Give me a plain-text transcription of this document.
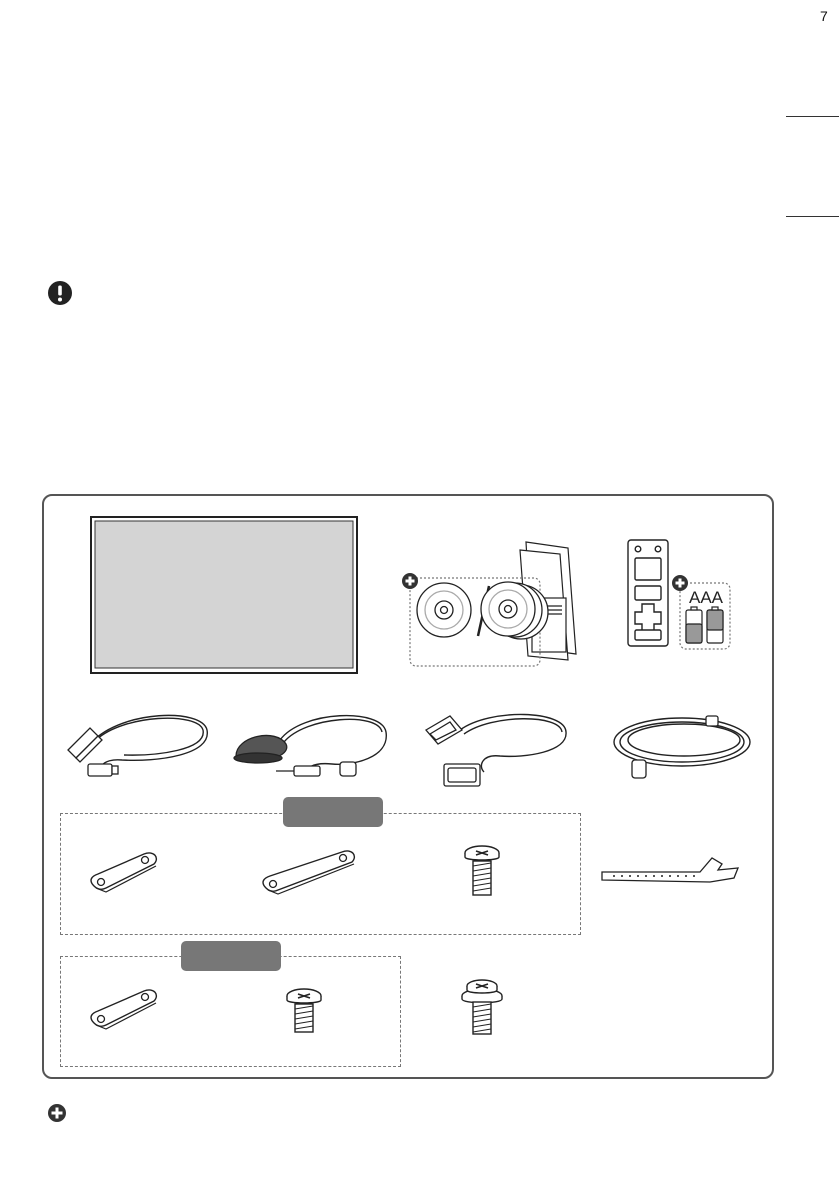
7
AAA
